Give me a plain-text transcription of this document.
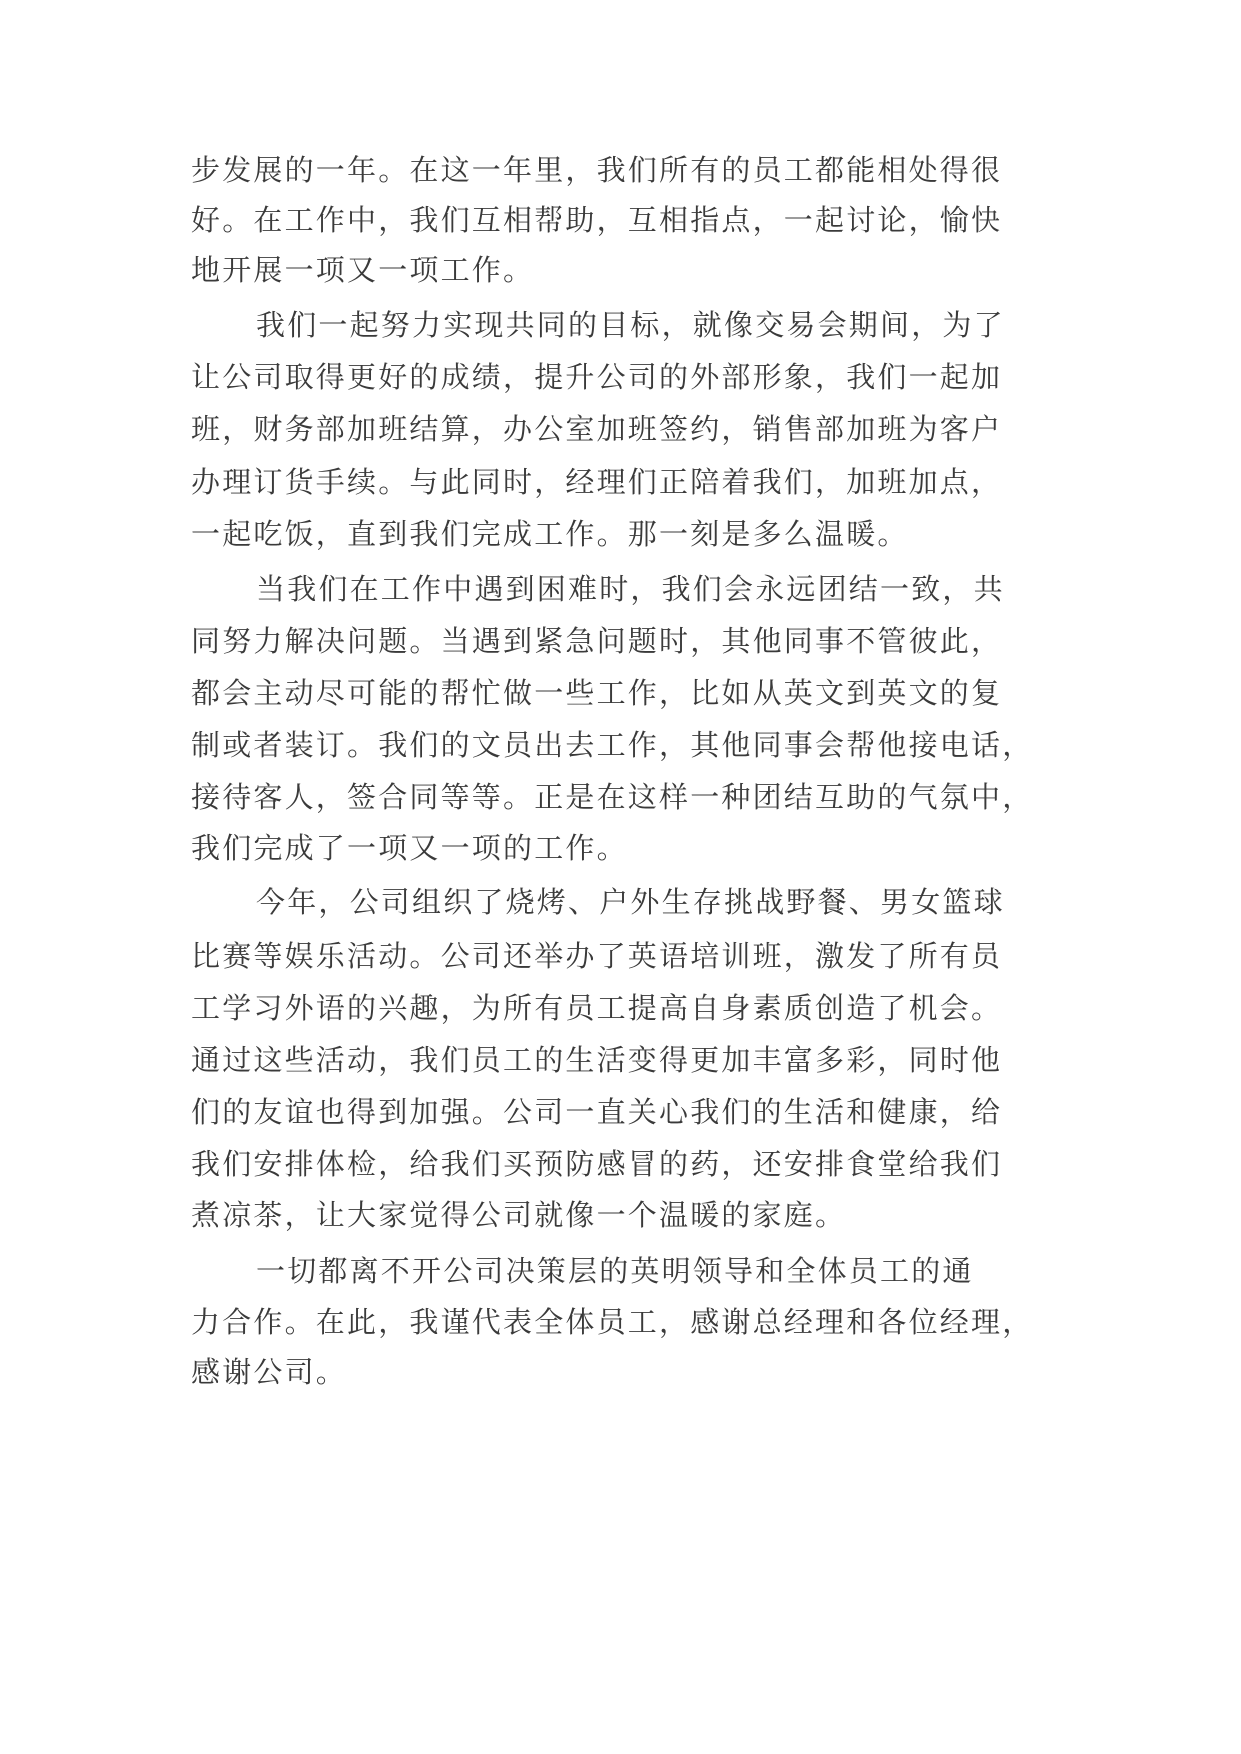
步发展的一年。在这一年里，我们所有的员工都能相处得很
好。在工作中，我们互相帮助，互相指点，一起讨论，愉快
地开展一项又一项工作。
我们一起努力实现共同的目标，就像交易会期间，为了
让公司取得更好的成绩，提升公司的外部形象，我们一起加
班，财务部加班结算，办公室加班签约，销售部加班为客户
办理订货手续。与此同时，经理们正陪着我们，加班加点，
一起吃饭，直到我们完成工作。那一刻是多么温暖。
当我们在工作中遇到困难时，我们会永远团结一致，共
同努力解决问题。当遇到紧急问题时，其他同事不管彼此，
都会主动尽可能的帮忙做一些工作，比如从英文到英文的复
制或者装订。我们的文员出去工作，其他同事会帮他接电话，
接待客人，签合同等等。正是在这样一种团结互助的气氛中，
我们完成了一项又一项的工作。
今年，公司组织了烧烤、户外生存挑战野餐、男女篮球
比赛等娱乐活动。公司还举办了英语培训班，激发了所有员
工学习外语的兴趣，为所有员工提高自身素质创造了机会。
通过这些活动，我们员工的生活变得更加丰富多彩，同时他
们的友谊也得到加强。公司一直关心我们的生活和健康，给
我们安排体检，给我们买预防感冒的药，还安排食堂给我们
煮凉茶，让大家觉得公司就像一个温暖的家庭。
一切都离不开公司决策层的英明领导和全体员工的通
力合作。在此，我谨代表全体员工，感谢总经理和各位经理，
感谢公司。
